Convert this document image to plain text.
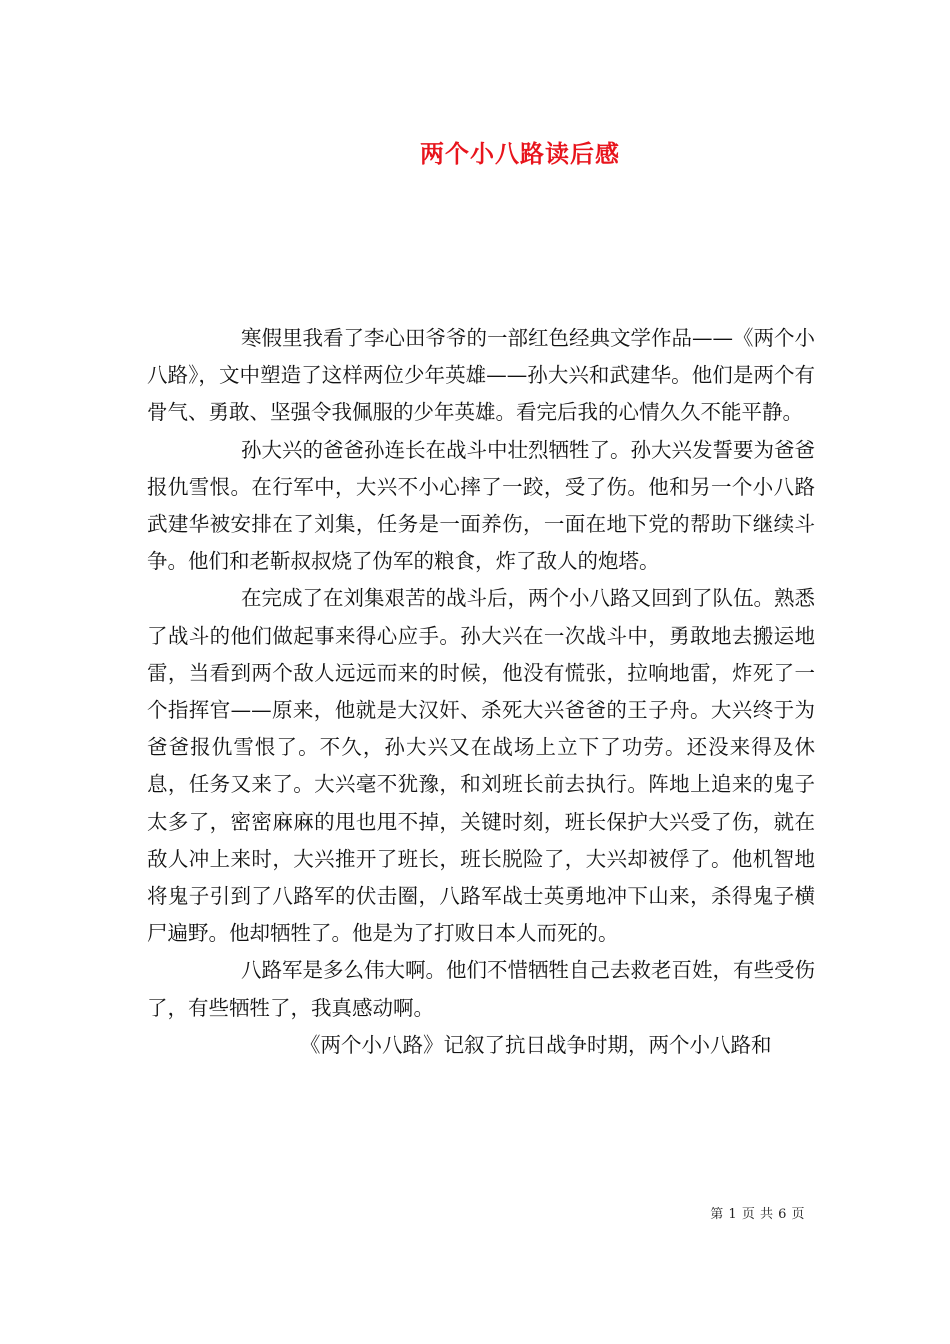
两个小八路读后感

寒假里我看了李心田爷爷的一部红色经典文学作品——《两个小八路》，文中塑造了这样两位少年英雄——孙大兴和武建华。他们是两个有骨气、勇敢、坚强令我佩服的少年英雄。看完后我的心情久久不能平静。

孙大兴的爸爸孙连长在战斗中壮烈牺牲了。孙大兴发誓要为爸爸报仇雪恨。在行军中，大兴不小心摔了一跤，受了伤。他和另一个小八路武建华被安排在了刘集，任务是一面养伤，一面在地下党的帮助下继续斗争。他们和老靳叔叔烧了伪军的粮食，炸了敌人的炮塔。

在完成了在刘集艰苦的战斗后，两个小八路又回到了队伍。熟悉了战斗的他们做起事来得心应手。孙大兴在一次战斗中，勇敢地去搬运地雷，当看到两个敌人远远而来的时候，他没有慌张，拉响地雷，炸死了一个指挥官——原来，他就是大汉奸、杀死大兴爸爸的王子舟。大兴终于为爸爸报仇雪恨了。不久，孙大兴又在战场上立下了功劳。还没来得及休息，任务又来了。大兴毫不犹豫，和刘班长前去执行。阵地上追来的鬼子太多了，密密麻麻的甩也甩不掉，关键时刻，班长保护大兴受了伤，就在敌人冲上来时，大兴推开了班长，班长脱险了，大兴却被俘了。他机智地将鬼子引到了八路军的伏击圈，八路军战士英勇地冲下山来，杀得鬼子横尸遍野。他却牺牲了。他是为了打败日本人而死的。

八路军是多么伟大啊。他们不惜牺牲自己去救老百姓，有些受伤了，有些牺牲了，我真感动啊。

《两个小八路》记叙了抗日战争时期，两个小八路和

第 1 页 共 6 页
